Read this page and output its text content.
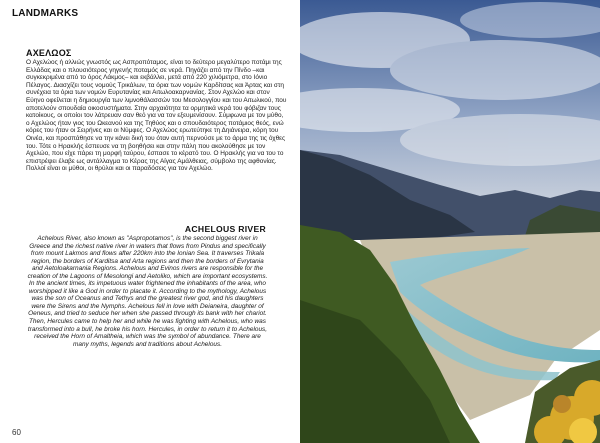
LANDMARKS
ΑΧΕΛΩΟΣ
Ο Αχελώος ή αλλιώς γνωστός ως Ασπροπόταμος, είναι το δεύτερο μεγαλύτερο ποτάμι της Ελλάδας και ο πλουσιότερος γηγενής ποταμός σε νερά. Πηγάζει από την Πίνδο –και συγκεκριμένα από το όρος Λάκμος– και εκβάλλει, μετά από 220 χιλιόμετρα, στο Ιόνιο Πέλαγος. Διασχίζει τους νομούς Τρικάλων, τα όρια των νομών Καρδίτσας και Άρτας και στη συνέχεια τα όρια των νομών Ευρυτανίας και Αιτωλοακαρνανίας. Στον Αχελώο και στον Εύηνο οφείλεται η δημιουργία των λιμνοθάλασσών του Μεσολογγίου και του Αιτωλικού, που αποτελούν σπουδαία οικοσυστήματα. Στην αρχαιότητα τα ορμητικά νερά του φόβιζαν τους κατοίκους, οι οποίοι τον λάτρευαν σαν θεό για να τον εξευμενίσουν. Σύμφωνα με τον μύθο, ο Αχελώος ήταν γιος του Ωκεανού και της Τηθύος και ο σπουδαιότερος ποτάμιος θεός, ενώ κόρες του ήταν οι Σειρήνες και οι Νύμφες. Ο Αχελώος ερωτεύτηκε τη Δηιάνειρα, κόρη του Οινέα, και προσπάθησε να την κάνει δική του όταν αυτή περνούσε με το άρμα της τις όχθες του. Τότε ο Ηρακλής έσπευσε να τη βοηθήσει και στην πάλη που ακολούθησε με τον Αχελώο, που είχε πάρει τη μορφή ταύρου, έσπασε το κέρατό του. Ο Ηρακλής για να του το επιστρέψει έλαβε ως αντάλλαγμα το Κέρας της Αίγας Αμάλθειας, σύμβολο της αφθονίας. Πολλοί είναι οι μύθοι, οι θρύλοι και οι παραδόσεις για τον Αχελώο.
ACHELOUS RIVER
Achelous River, also known as "Aspropotamos", is the second biggest river in Greece and the richest native river in waters that flows from Pindus and specifically from mount Lakmos and flows after 220km into the Ionian Sea. It traverses Trikala region, the borders of Karditsa and Arta regions and then the borders of Evrytania and Aetoloakarnania Regions. Achelous and Evinos rivers are responsible for the creation of the Lagoons of Mesolongi and Aetoliko, which are important ecosystems. In the ancient times, its impetuous water frightened the inhabitants of the area, who worshipped it like a God in order to placate it. According to the mythology, Achelous was the son of Oceanus and Tethys and the greatest river god, and his daughters were the Sirens and the Nymphs. Achelous fell in love with Deianeira, daughter of Oeneus, and tried to seduce her when she passed through its bank with her chariot. Then, Hercules came to help her and while he was fighting with Achelous, who was transformed into a bull, he broke his horn. Hercules, in order to return it to Achelous, received the Horn of Amaltheia, which was the symbol of abundance. There are many myths, legends and traditions about Achelous.
60
